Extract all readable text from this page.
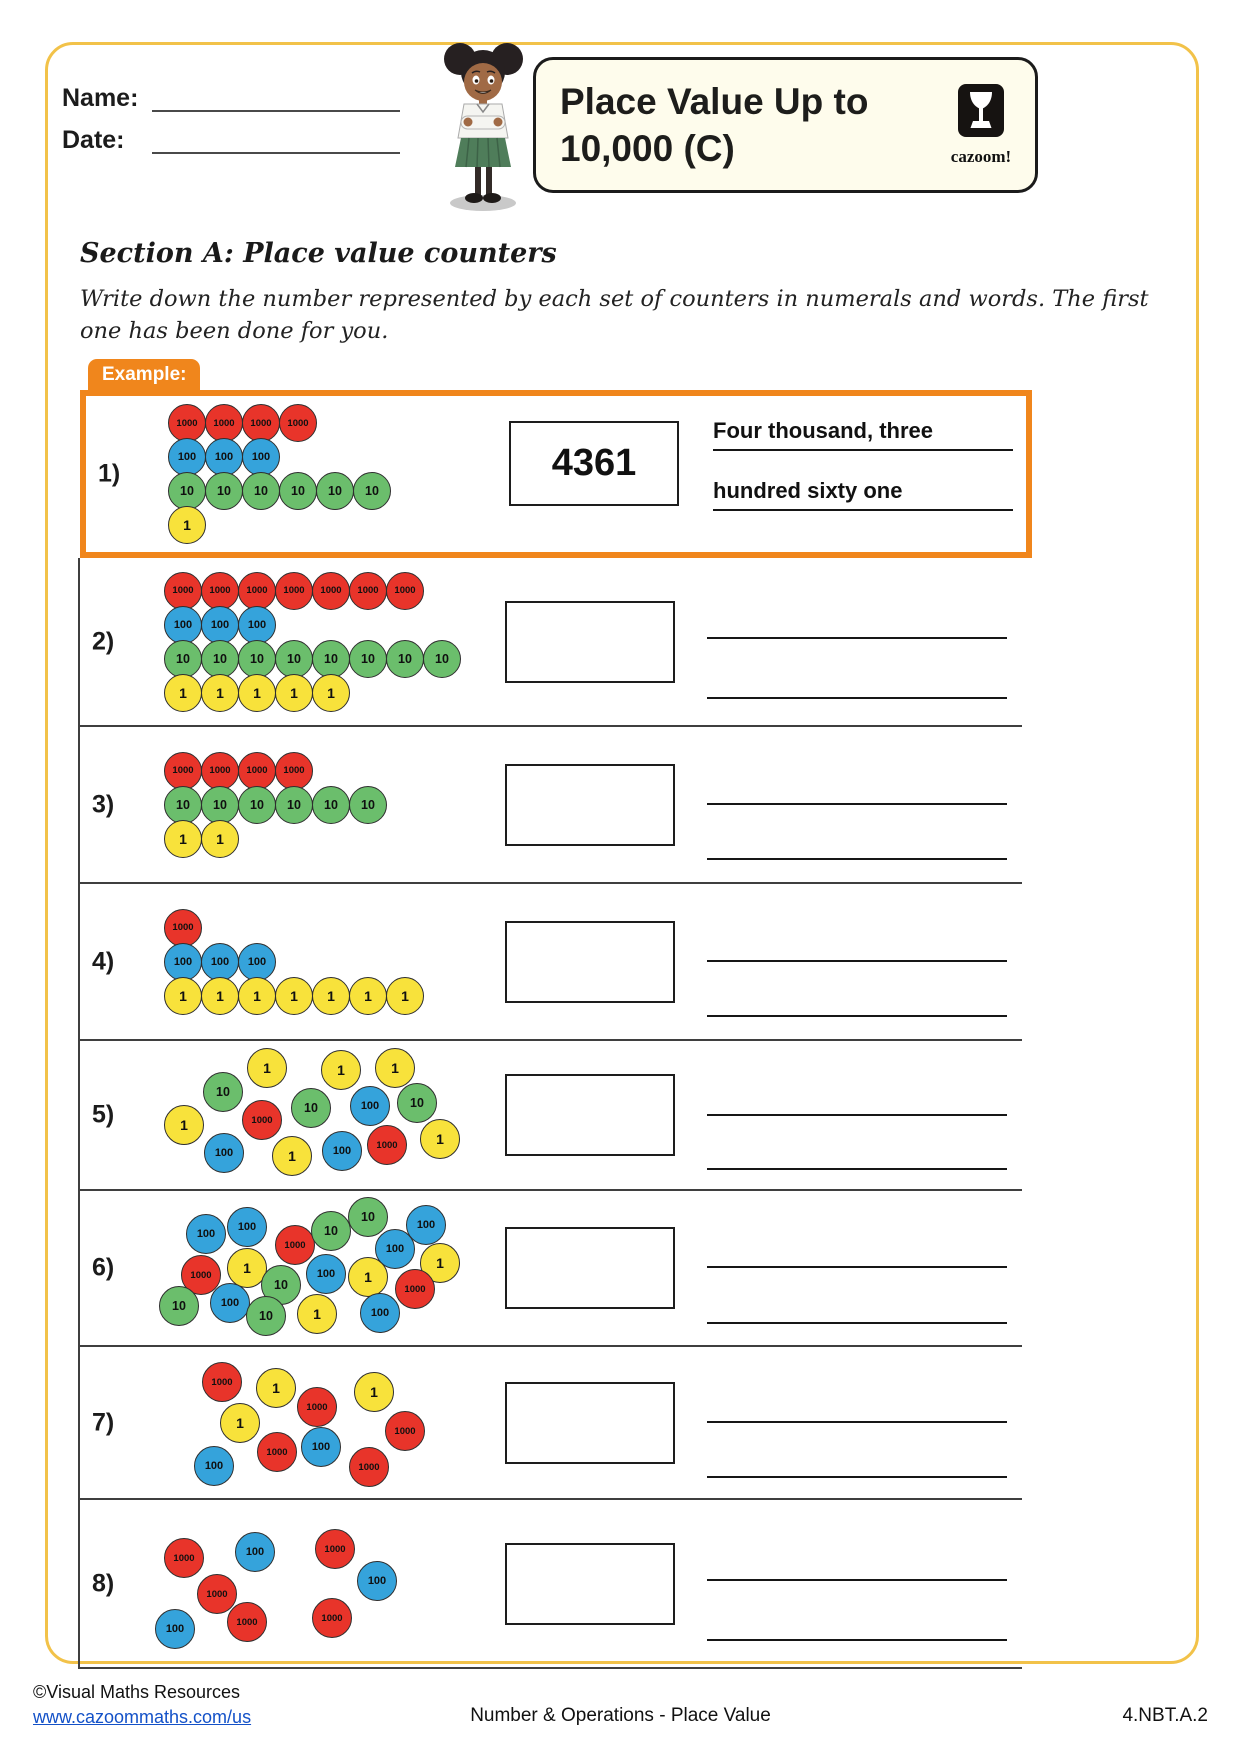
Name:
Date:
Place Value Up to
10,000 (C)	cazoom!
Section A: Place value counters
Write down the number represented by each set of counters in numerals and words. The first
one has been done for you.
Example:
1)
1000	1000	1000	1000
100	100	100
10	10	10	10	10	10
1
4361
Four thousand, three
hundred sixty one
2)
1000	1000	1000	1000	1000	1000	1000
100	100	100
10	10	10	10	10	10	10	10
1	1	1	1	1
3)
1000	1000	1000	1000
10	10	10	10	10	10
1	1
4)
1000
100	100	100
1	1	1	1	1	1	1
5)
1	1	1
10
10	10
100
1	1000
100	1	100	1000	1
6)
100
100
1000
10
10
100
100
1
1000	1
10
100	1
1000
10	100
10	1	100
7)
1000	1
1000
1
1	1000
1000	100
100	1000
8)
1000	100	1000
1000
100
100
1000	1000
©Visual Maths Resources
www.cazoommaths.com/us	Number & Operations - Place Value	4.NBT.A.2
